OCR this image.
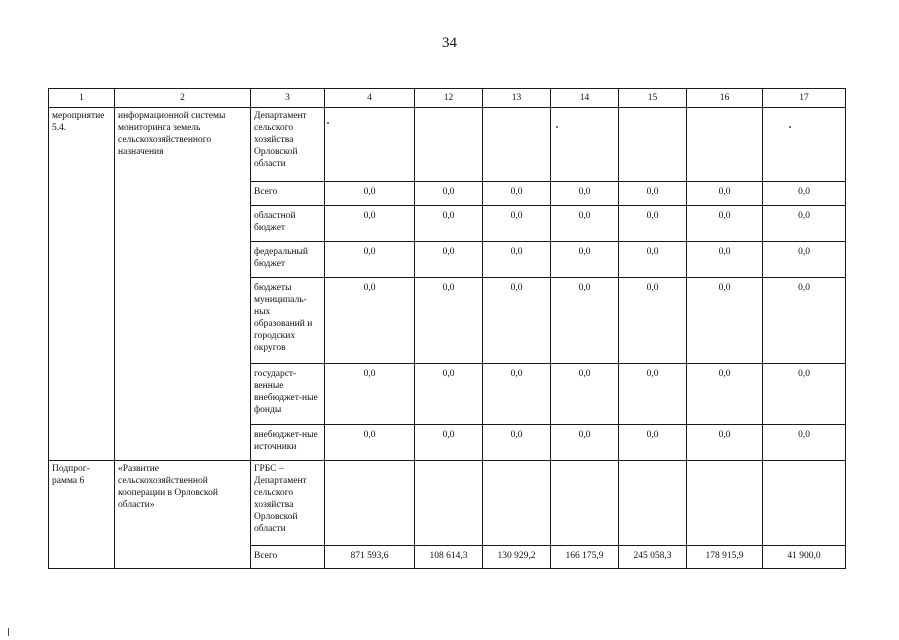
34
1	2	3	4	12	13	14	15	16	17
мероприятие 5.4.	информационной системы мониторинга земель сельскохозяйственного назначения	Департамент сельского хозяйства Орловской области							
		Всего	0,0	0,0	0,0	0,0	0,0	0,0	0,0
		областной бюджет	0,0	0,0	0,0	0,0	0,0	0,0	0,0
		федеральный бюджет	0,0	0,0	0,0	0,0	0,0	0,0	0,0
		бюджеты муниципаль-ных образований и городских округов	0,0	0,0	0,0	0,0	0,0	0,0	0,0
		государст-венные внебюджет-ные фонды	0,0	0,0	0,0	0,0	0,0	0,0	0,0
		внебюджет-ные источники	0,0	0,0	0,0	0,0	0,0	0,0	0,0
Подпрог-рамма 6	«Развитие сельскохозяйственной кооперации в Орловской области»	ГРБС – Департамент сельского хозяйства Орловской области							
		Всего	871 593,6	108 614,3	130 929,2	166 175,9	245 058,3	178 915,9	41 900,0
